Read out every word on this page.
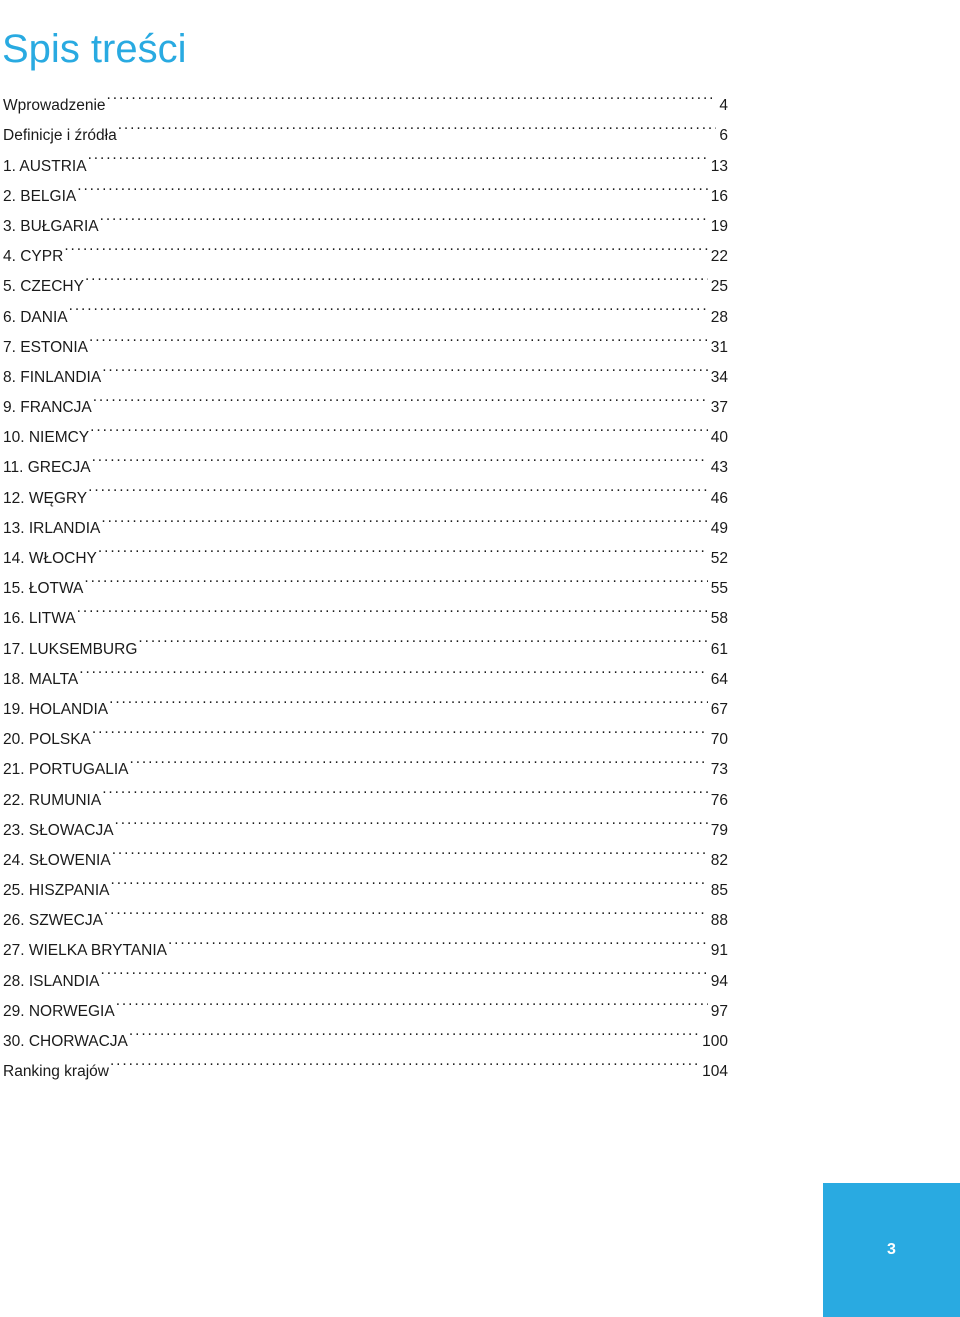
Spis treści
Wprowadzenie . . .	4
Definicje i źródła . . .	6
1. AUSTRIA . . .	13
2. BELGIA . . .	16
3. BUŁGARIA . . .	19
4. CYPR . . .	22
5. CZECHY . . .	25
6. DANIA . . .	28
7. ESTONIA . . .	31
8. FINLANDIA . . .	34
9. FRANCJA . . .	37
10. NIEMCY . . .	40
11. GRECJA . . .	43
12. WĘGRY . . .	46
13. IRLANDIA . . .	49
14. WŁOCHY . . .	52
15. ŁOTWA . . .	55
16. LITWA . . .	58
17. LUKSEMBURG . . .	61
18. MALTA . . .	64
19. HOLANDIA . . .	67
20. POLSKA . . .	70
21. PORTUGALIA . . .	73
22. RUMUNIA . . .	76
23. SŁOWACJA . . .	79
24. SŁOWENIA . . .	82
25. HISZPANIA . . .	85
26. SZWECJA . . .	88
27. WIELKA BRYTANIA . . .	91
28. ISLANDIA . . .	94
29. NORWEGIA . . .	97
30. CHORWACJA . . .	100
Ranking krajów . . .	104
3
